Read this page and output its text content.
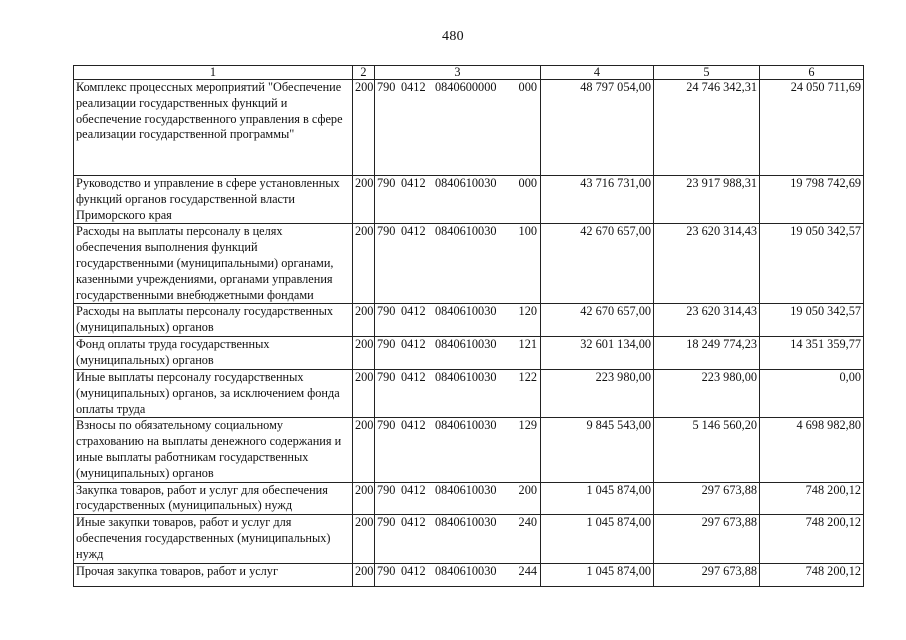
480
1	2	3	4	5	6
Комплекс процессных мероприятий "Обеспечение реализации государственных функций и обеспечение государственного управления в сфере реализации государственной программы"	200	790 0412 0840600000 000	48 797 054,00	24 746 342,31	24 050 711,69
Руководство и управление в сфере установленных функций органов государственной власти Приморского края	200	790 0412 0840610030 000	43 716 731,00	23 917 988,31	19 798 742,69
Расходы на выплаты персоналу в целях обеспечения выполнения функций государственными (муниципальными) органами, казенными учреждениями, органами управления государственными внебюджетными фондами	200	790 0412 0840610030 100	42 670 657,00	23 620 314,43	19 050 342,57
Расходы на выплаты персоналу государственных (муниципальных) органов	200	790 0412 0840610030 120	42 670 657,00	23 620 314,43	19 050 342,57
Фонд оплаты труда государственных (муниципальных) органов	200	790 0412 0840610030 121	32 601 134,00	18 249 774,23	14 351 359,77
Иные выплаты персоналу государственных (муниципальных) органов, за исключением фонда оплаты труда	200	790 0412 0840610030 122	223 980,00	223 980,00	0,00
Взносы по обязательному социальному страхованию на выплаты денежного содержания и иные выплаты работникам государственных (муниципальных) органов	200	790 0412 0840610030 129	9 845 543,00	5 146 560,20	4 698 982,80
Закупка товаров, работ и услуг для обеспечения государственных (муниципальных) нужд	200	790 0412 0840610030 200	1 045 874,00	297 673,88	748 200,12
Иные закупки товаров, работ и услуг для обеспечения государственных (муниципальных) нужд	200	790 0412 0840610030 240	1 045 874,00	297 673,88	748 200,12
Прочая закупка товаров, работ и услуг	200	790 0412 0840610030 244	1 045 874,00	297 673,88	748 200,12
